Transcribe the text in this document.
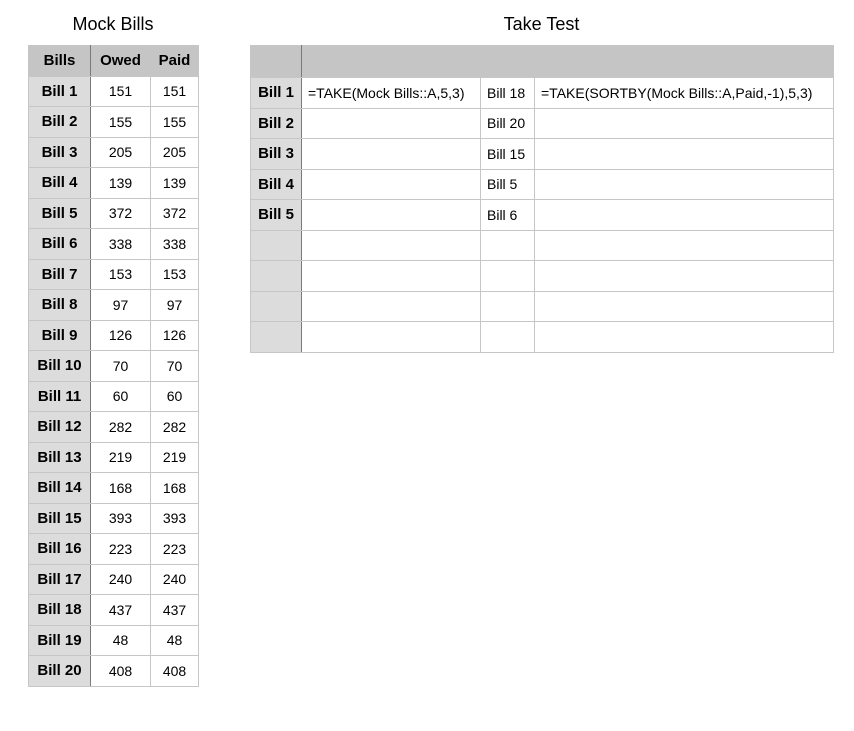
Mock Bills
Bills	Owed	Paid
Bill 1	151	151
Bill 2	155	155
Bill 3	205	205
Bill 4	139	139
Bill 5	372	372
Bill 6	338	338
Bill 7	153	153
Bill 8	97	97
Bill 9	126	126
Bill 10	70	70
Bill 11	60	60
Bill 12	282	282
Bill 13	219	219
Bill 14	168	168
Bill 15	393	393
Bill 16	223	223
Bill 17	240	240
Bill 18	437	437
Bill 19	48	48
Bill 20	408	408
Take Test

Bill 1	=TAKE(Mock Bills::A,5,3)	Bill 18	=TAKE(SORTBY(Mock Bills::A,Paid,-1),5,3)
Bill 2		Bill 20	
Bill 3		Bill 15	
Bill 4		Bill 5	
Bill 5		Bill 6	
